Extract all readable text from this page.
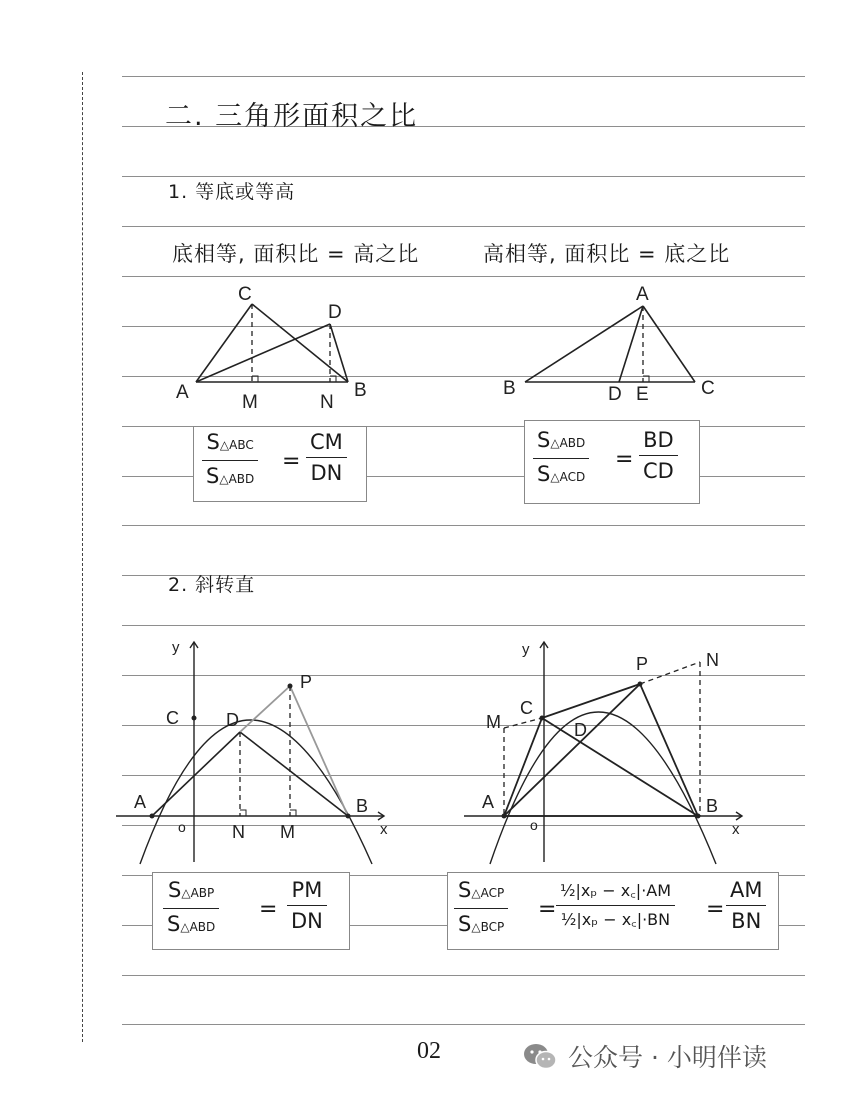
二. 三角形面积之比
1. 等底或等高
底相等, 面积比 = 高之比	高相等, 面积比 = 底之比
C
D
A	B
M	N
A
B	C
D E
S△ABC
S△ABD
=
CM
DN
S△ABD
S△ACD
=
BD
CD
2. 斜转直
y
x
o
A	B
C	D
P
N M
y
x
o
A	B
C
D
P	N
M
S△ABP
S△ABD
=
PM
DN
S△ACP
S△BCP
=
½|xₚ − x꜀|·AM
½|xₚ − x꜀|·BN =
AM
BN
02	公众号 · 小明伴读
